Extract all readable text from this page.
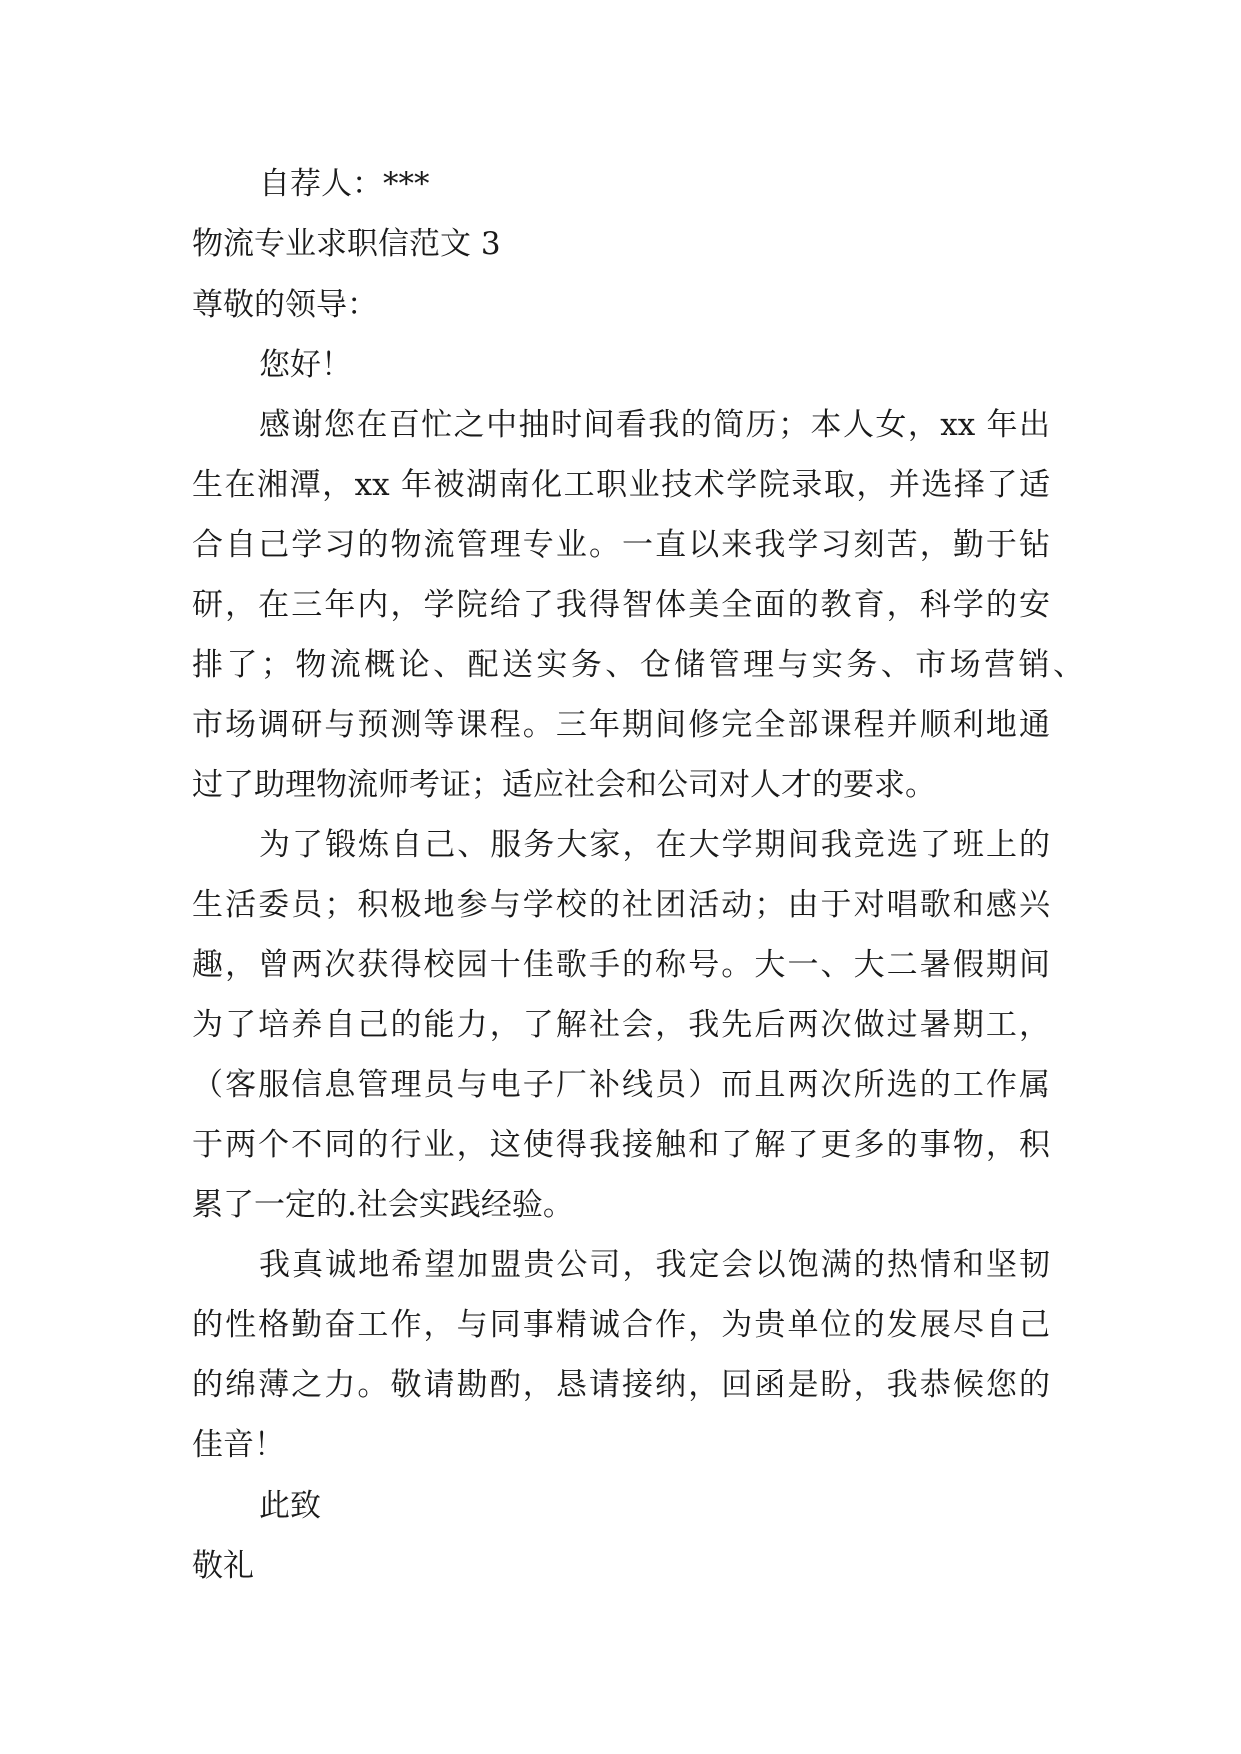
自荐人：***
物流专业求职信范文 3
尊敬的领导：
您好！
感谢您在百忙之中抽时间看我的简历；本人女，xx 年出
生在湘潭，xx 年被湖南化工职业技术学院录取，并选择了适
合自己学习的物流管理专业。一直以来我学习刻苦，勤于钻
研，在三年内，学院给了我得智体美全面的教育，科学的安
排了；物流概论、配送实务、仓储管理与实务、市场营销、
市场调研与预测等课程。三年期间修完全部课程并顺利地通
过了助理物流师考证；适应社会和公司对人才的要求。
为了锻炼自己、服务大家，在大学期间我竞选了班上的
生活委员；积极地参与学校的社团活动；由于对唱歌和感兴
趣，曾两次获得校园十佳歌手的称号。大一、大二暑假期间
为了培养自己的能力，了解社会，我先后两次做过暑期工，
（客服信息管理员与电子厂补线员）而且两次所选的工作属
于两个不同的行业，这使得我接触和了解了更多的事物，积
累了一定的.社会实践经验。
我真诚地希望加盟贵公司，我定会以饱满的热情和坚韧
的性格勤奋工作，与同事精诚合作，为贵单位的发展尽自己
的绵薄之力。敬请勘酌，恳请接纳，回函是盼，我恭候您的
佳音！
此致
敬礼
